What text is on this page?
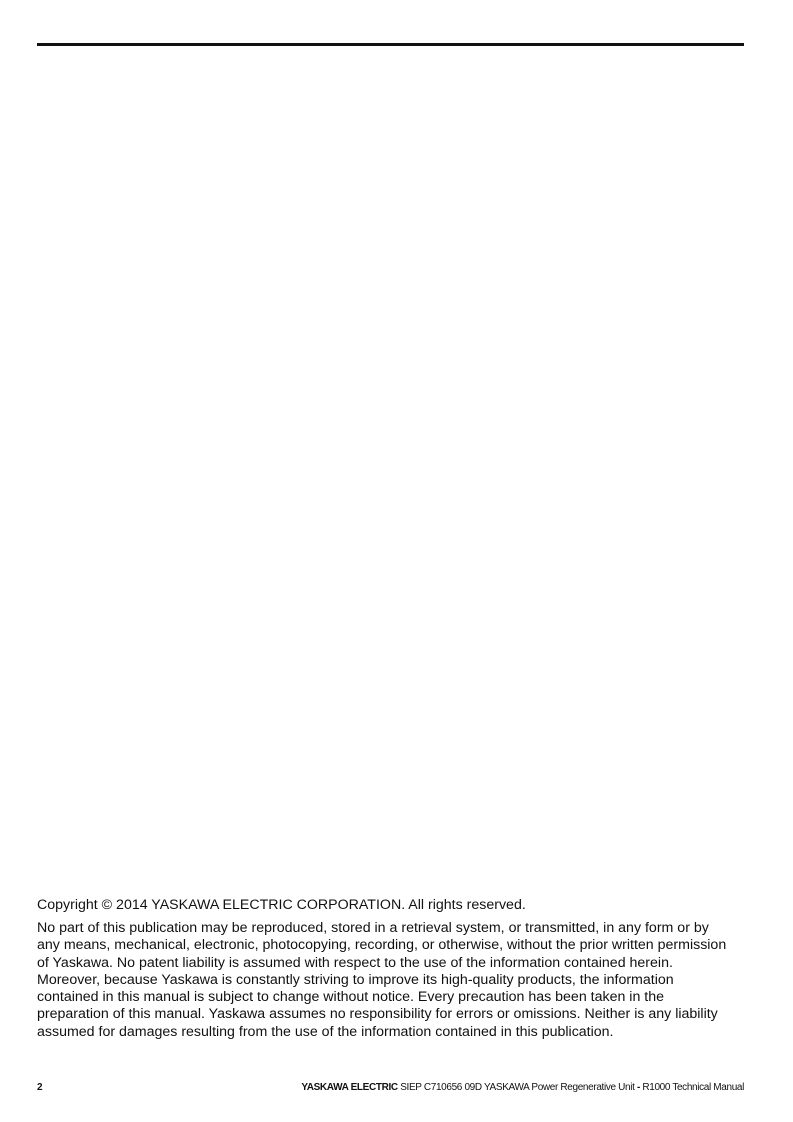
Copyright © 2014 YASKAWA ELECTRIC CORPORATION. All rights reserved.

No part of this publication may be reproduced, stored in a retrieval system, or transmitted, in any form or by
any means, mechanical, electronic, photocopying, recording, or otherwise, without the prior written permission
of Yaskawa. No patent liability is assumed with respect to the use of the information contained herein.
Moreover, because Yaskawa is constantly striving to improve its high-quality products, the information
contained in this manual is subject to change without notice. Every precaution has been taken in the
preparation of this manual. Yaskawa assumes no responsibility for errors or omissions. Neither is any liability
assumed for damages resulting from the use of the information contained in this publication.

2	YASKAWA ELECTRIC SIEP C710656 09D YASKAWA Power Regenerative Unit - R1000 Technical Manual
